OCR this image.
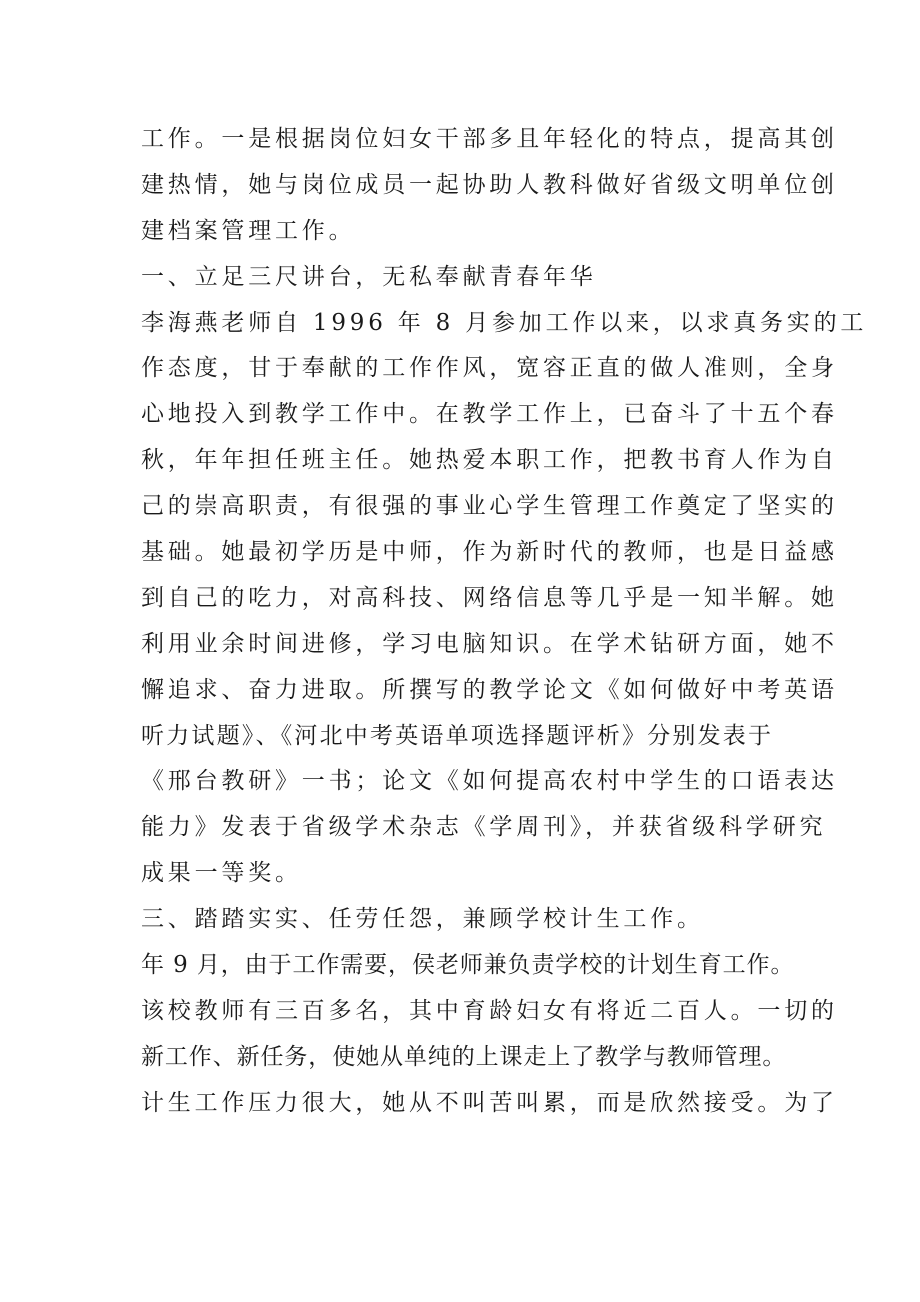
工作。一是根据岗位妇女干部多且年轻化的特点，提高其创
建热情，她与岗位成员一起协助人教科做好省级文明单位创
建档案管理工作。
一、立足三尺讲台，无私奉献青春年华
李海燕老师自 1996 年 8 月参加工作以来，以求真务实的工
作态度，甘于奉献的工作作风，宽容正直的做人准则，全身
心地投入到教学工作中。在教学工作上，已奋斗了十五个春
秋，年年担任班主任。她热爱本职工作，把教书育人作为自
己的崇高职责，有很强的事业心学生管理工作奠定了坚实的
基础。她最初学历是中师，作为新时代的教师，也是日益感
到自己的吃力，对高科技、网络信息等几乎是一知半解。她
利用业余时间进修，学习电脑知识。在学术钻研方面，她不
懈追求、奋力进取。所撰写的教学论文《如何做好中考英语
听力试题》、《河北中考英语单项选择题评析》分别发表于
《邢台教研》一书；论文《如何提高农村中学生的口语表达
能力》发表于省级学术杂志《学周刊》，并获省级科学研究
成果一等奖。
三、踏踏实实、任劳任怨，兼顾学校计生工作。
年 9 月，由于工作需要，侯老师兼负责学校的计划生育工作。
该校教师有三百多名，其中育龄妇女有将近二百人。一切的
新工作、新任务，使她从单纯的上课走上了教学与教师管理。
计生工作压力很大，她从不叫苦叫累，而是欣然接受。为了
